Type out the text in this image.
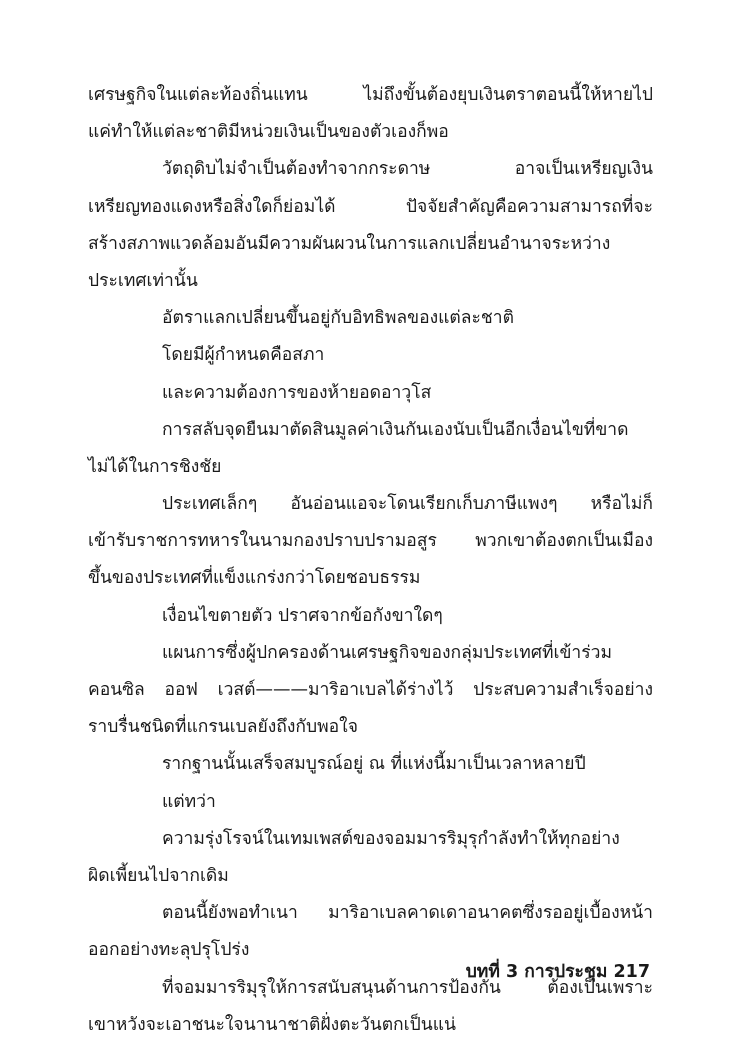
เศรษฐกิจในแต่ละท้องถิ่นแทน ไม่ถึงขั้นต้องยุบเงินตราตอนนี้ให้หายไป
แค่ทำให้แต่ละชาติมีหน่วยเงินเป็นของตัวเองก็พอ
วัตถุดิบไม่จำเป็นต้องทำจากกระดาษ อาจเป็นเหรียญเงิน
เหรียญทองแดงหรือสิ่งใดก็ย่อมได้ ปัจจัยสำคัญคือความสามารถที่จะ
สร้างสภาพแวดล้อมอันมีความผันผวนในการแลกเปลี่ยนอำนาจระหว่าง
ประเทศเท่านั้น
อัตราแลกเปลี่ยนขึ้นอยู่กับอิทธิพลของแต่ละชาติ
โดยมีผู้กำหนดคือสภา
และความต้องการของห้ายอดอาวุโส
การสลับจุดยืนมาตัดสินมูลค่าเงินกันเองนับเป็นอีกเงื่อนไขที่ขาด
ไม่ได้ในการชิงชัย
ประเทศเล็กๆ อันอ่อนแอจะโดนเรียกเก็บภาษีแพงๆ หรือไม่ก็
เข้ารับราชการทหารในนามกองปราบปรามอสูร พวกเขาต้องตกเป็นเมือง
ขึ้นของประเทศที่แข็งแกร่งกว่าโดยชอบธรรม
เงื่อนไขตายตัว ปราศจากข้อกังขาใดๆ
แผนการซึ่งผู้ปกครองด้านเศรษฐกิจของกลุ่มประเทศที่เข้าร่วม
คอนซิล ออฟ เวสต์———มาริอาเบลได้ร่างไว้ ประสบความสำเร็จอย่าง
ราบรื่นชนิดที่แกรนเบลยังถึงกับพอใจ
รากฐานนั้นเสร็จสมบูรณ์อยู่ ณ ที่แห่งนี้มาเป็นเวลาหลายปี
แต่ทว่า
ความรุ่งโรจน์ในเทมเพสต์ของจอมมารริมุรุกำลังทำให้ทุกอย่าง
ผิดเพี้ยนไปจากเดิม
ตอนนี้ยังพอทำเนา มาริอาเบลคาดเดาอนาคตซึ่งรออยู่เบื้องหน้า
ออกอย่างทะลุปรุโปร่ง
ที่จอมมารริมุรุให้การสนับสนุนด้านการป้องกัน ต้องเป็นเพราะ
เขาหวังจะเอาชนะใจนานาชาติฝั่งตะวันตกเป็นแน่
บทที่ 3 การประชุม 217
